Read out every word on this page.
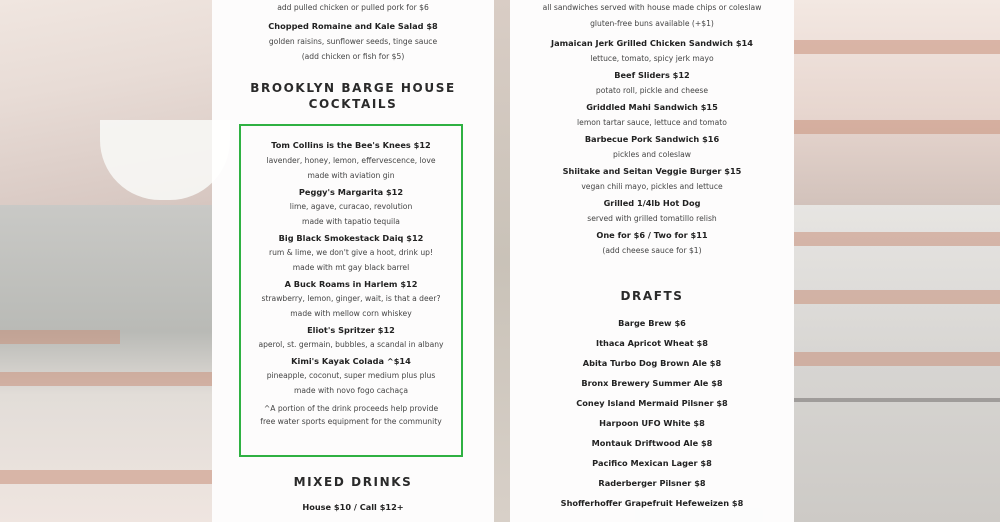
add pulled chicken or pulled pork for $6
Chopped Romaine and Kale Salad $8
golden raisins, sunflower seeds, tinge sauce
(add chicken or fish for $5)
BROOKLYN BARGE HOUSE
COCKTAILS
Tom Collins is the Bee's Knees $12
lavender, honey, lemon, effervescence, love
made with aviation gin
Peggy's Margarita $12
lime, agave, curacao, revolution
made with tapatio tequila
Big Black Smokestack Daiq $12
rum & lime, we don't give a hoot, drink up!
made with mt gay black barrel
A Buck Roams in Harlem $12
strawberry, lemon, ginger, wait, is that a deer?
made with mellow corn whiskey
Eliot's Spritzer $12
aperol, st. germain, bubbles, a scandal in albany
Kimi's Kayak Colada ^$14
pineapple, coconut, super medium plus plus
made with novo fogo cachaça
^A portion of the drink proceeds help provide
free water sports equipment for the community
MIXED DRINKS
House $10 / Call $12+
all sandwiches served with house made chips or coleslaw
gluten-free buns available (+$1)
Jamaican Jerk Grilled Chicken Sandwich $14
lettuce, tomato, spicy jerk mayo
Beef Sliders $12
potato roll, pickle and cheese
Griddled Mahi Sandwich $15
lemon tartar sauce, lettuce and tomato
Barbecue Pork Sandwich $16
pickles and coleslaw
Shiitake and Seitan Veggie Burger $15
vegan chili mayo, pickles and lettuce
Grilled 1/4lb Hot Dog
served with grilled tomatillo relish
One for $6 / Two for $11
(add cheese sauce for $1)
DRAFTS
Barge Brew $6
Ithaca Apricot Wheat $8
Abita Turbo Dog Brown Ale $8
Bronx Brewery Summer Ale $8
Coney Island Mermaid Pilsner $8
Harpoon UFO White $8
Montauk Driftwood Ale $8
Pacifico Mexican Lager $8
Raderberger Pilsner $8
Shofferhoffer Grapefruit Hefeweizen $8
